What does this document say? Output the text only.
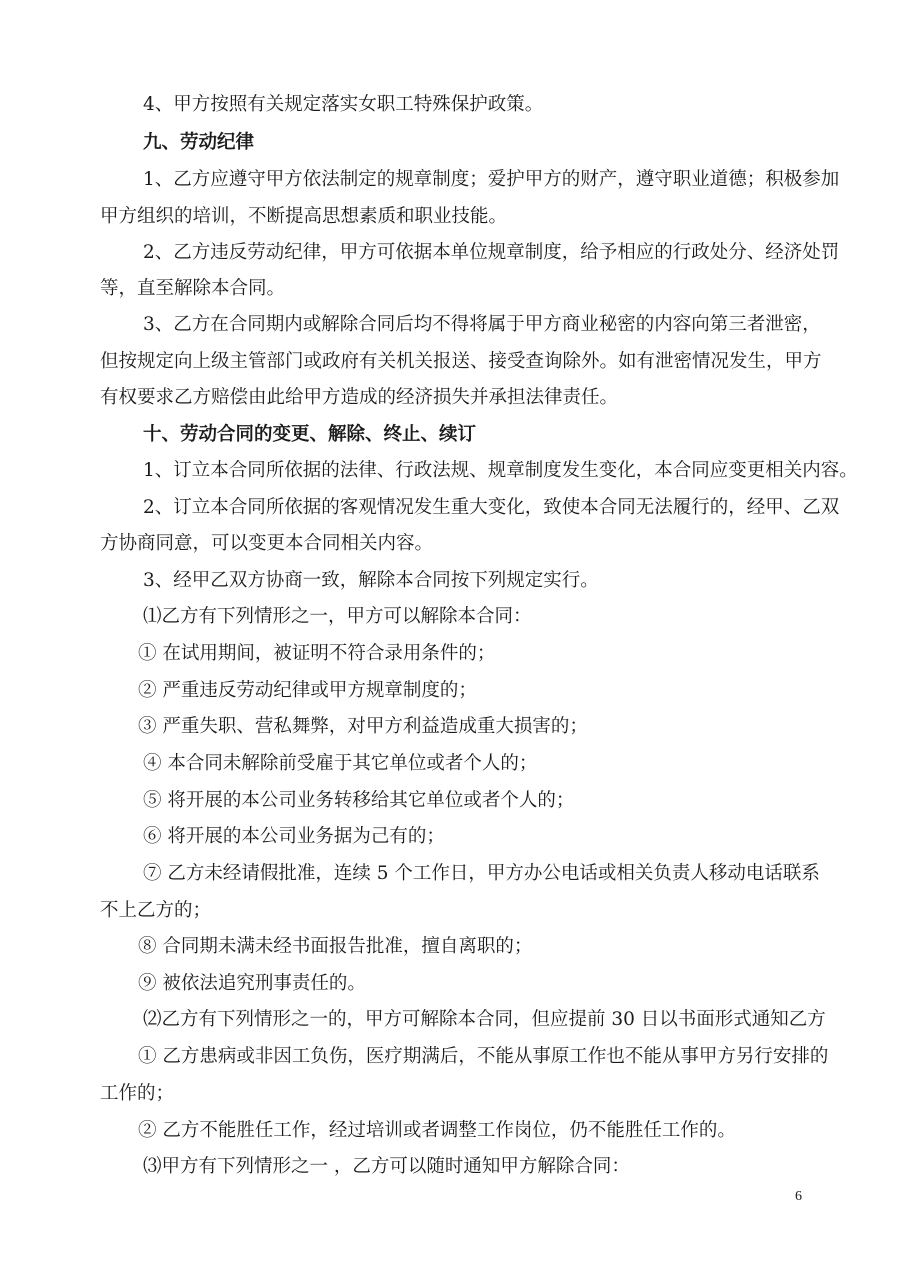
4、甲方按照有关规定落实女职工特殊保护政策。
九、劳动纪律
1、乙方应遵守甲方依法制定的规章制度；爱护甲方的财产，遵守职业道德；积极参加
甲方组织的培训，不断提高思想素质和职业技能。
2、乙方违反劳动纪律，甲方可依据本单位规章制度，给予相应的行政处分、经济处罚
等，直至解除本合同。
3、乙方在合同期内或解除合同后均不得将属于甲方商业秘密的内容向第三者泄密，
但按规定向上级主管部门或政府有关机关报送、接受查询除外。如有泄密情况发生，甲方
有权要求乙方赔偿由此给甲方造成的经济损失并承担法律责任。
十、劳动合同的变更、解除、终止、续订
1、订立本合同所依据的法律、行政法规、规章制度发生变化，本合同应变更相关内容。
2、订立本合同所依据的客观情况发生重大变化，致使本合同无法履行的，经甲、乙双
方协商同意，可以变更本合同相关内容。
3、经甲乙双方协商一致，解除本合同按下列规定实行。
⑴乙方有下列情形之一，甲方可以解除本合同：
① 在试用期间，被证明不符合录用条件的；
② 严重违反劳动纪律或甲方规章制度的；
③ 严重失职、营私舞弊，对甲方利益造成重大损害的；
④ 本合同未解除前受雇于其它单位或者个人的；
⑤ 将开展的本公司业务转移给其它单位或者个人的；
⑥ 将开展的本公司业务据为己有的；
⑦ 乙方未经请假批准，连续 5 个工作日，甲方办公电话或相关负责人移动电话联系
不上乙方的；
⑧ 合同期未满未经书面报告批准，擅自离职的；
⑨ 被依法追究刑事责任的。
⑵乙方有下列情形之一的，甲方可解除本合同，但应提前 30 日以书面形式通知乙方
① 乙方患病或非因工负伤，医疗期满后，不能从事原工作也不能从事甲方另行安排的
工作的；
② 乙方不能胜任工作，经过培训或者调整工作岗位，仍不能胜任工作的。
⑶甲方有下列情形之一 ，乙方可以随时通知甲方解除合同：
6
